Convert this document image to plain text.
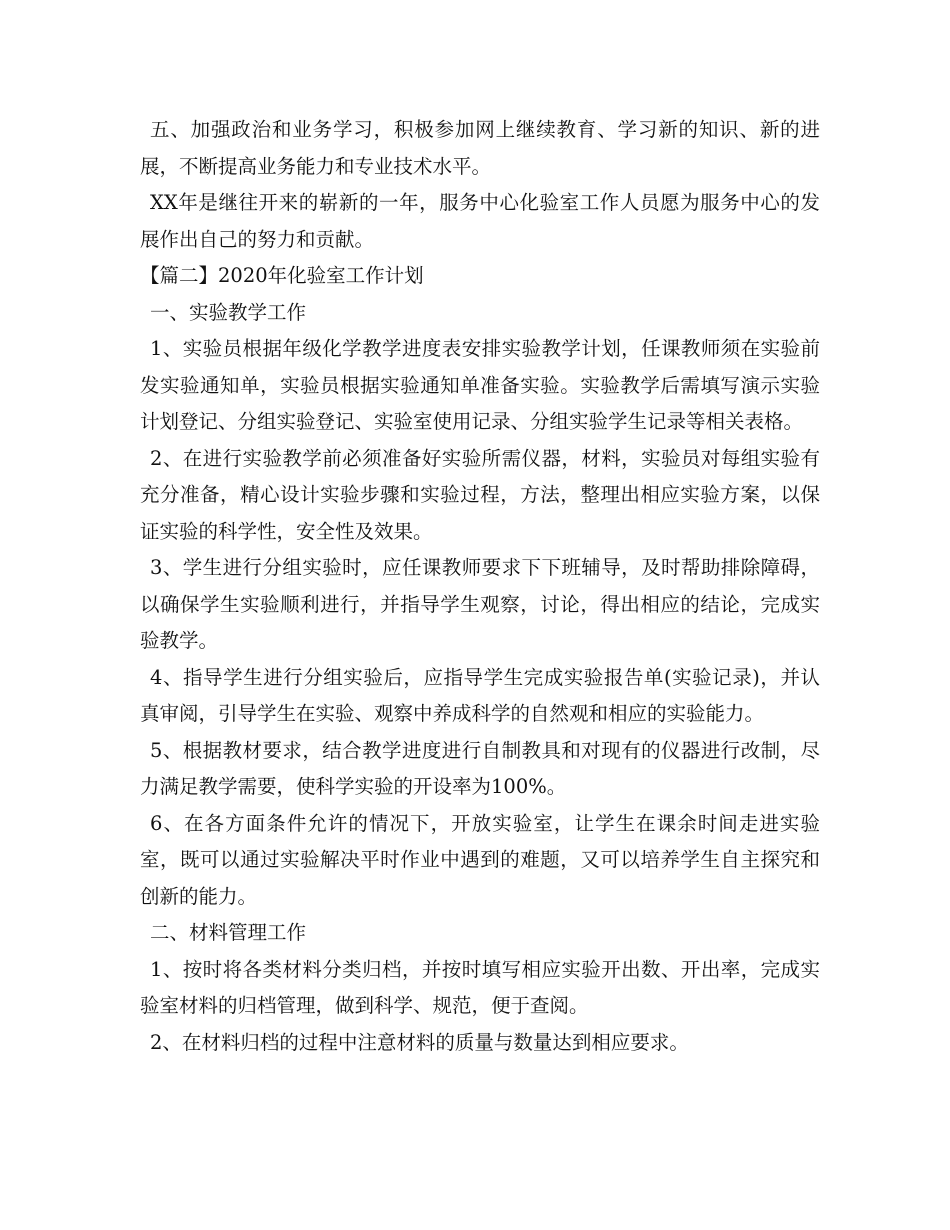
五、加强政治和业务学习，积极参加网上继续教育、学习新的知识、新的进展，不断提高业务能力和专业技术水平。

XX年是继往开来的崭新的一年，服务中心化验室工作人员愿为服务中心的发展作出自己的努力和贡献。

【篇二】2020年化验室工作计划

一、实验教学工作

1、实验员根据年级化学教学进度表安排实验教学计划，任课教师须在实验前发实验通知单，实验员根据实验通知单准备实验。实验教学后需填写演示实验计划登记、分组实验登记、实验室使用记录、分组实验学生记录等相关表格。

2、在进行实验教学前必须准备好实验所需仪器，材料，实验员对每组实验有充分准备，精心设计实验步骤和实验过程，方法，整理出相应实验方案，以保证实验的科学性，安全性及效果。

3、学生进行分组实验时，应任课教师要求下下班辅导，及时帮助排除障碍，以确保学生实验顺利进行，并指导学生观察，讨论，得出相应的结论，完成实验教学。

4、指导学生进行分组实验后，应指导学生完成实验报告单(实验记录)，并认真审阅，引导学生在实验、观察中养成科学的自然观和相应的实验能力。

5、根据教材要求，结合教学进度进行自制教具和对现有的仪器进行改制，尽力满足教学需要，使科学实验的开设率为100%。

6、在各方面条件允许的情况下，开放实验室，让学生在课余时间走进实验室，既可以通过实验解决平时作业中遇到的难题，又可以培养学生自主探究和创新的能力。

二、材料管理工作

1、按时将各类材料分类归档，并按时填写相应实验开出数、开出率，完成实验室材料的归档管理，做到科学、规范，便于查阅。

2、在材料归档的过程中注意材料的质量与数量达到相应要求。
